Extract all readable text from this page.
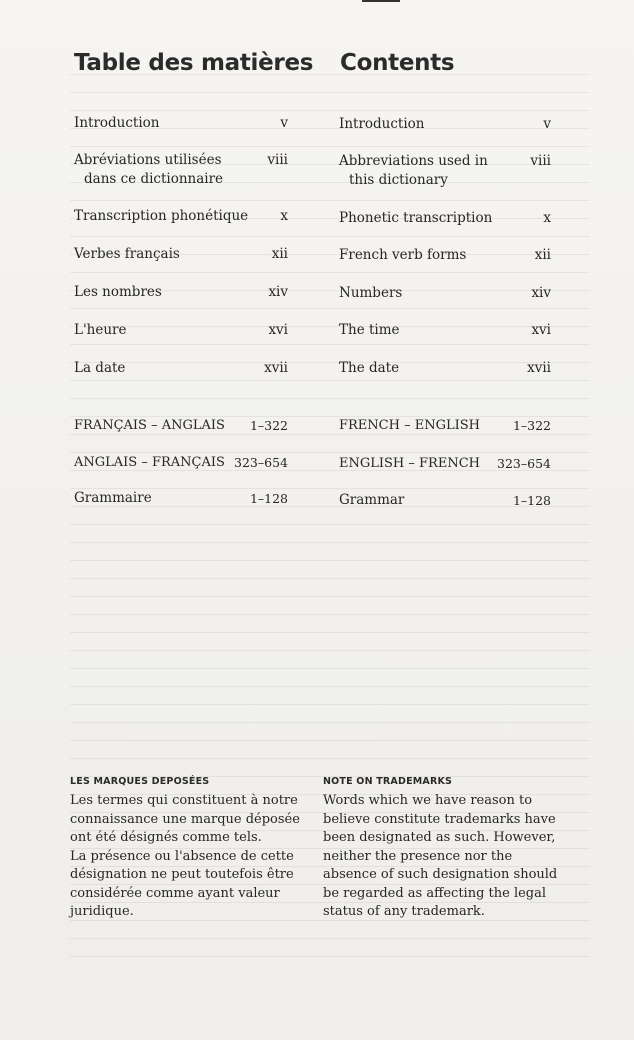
Table des matières Contents
Introduction	v
Abréviations utilisées
dans ce dictionnaire
viii
Transcription phonétique x
Verbes français	xii
Les nombres	xiv
L'heure	xvi
La date	xvii
FRANÇAIS – ANGLAIS 1–322
ANGLAIS – FRANÇAIS 323–654
Grammaire	1–128
Introduction	v
Abbreviations used in
this dictionary
viii
Phonetic transcription	x
French verb forms	xii
Numbers	xiv
The time	xvi
The date	xvii
FRENCH – ENGLISH	1–322
ENGLISH – FRENCH 323–654
Grammar	1–128
LES MARQUES DEPOSÉES
Les termes qui constituent à notre
connaissance une marque déposée
ont été désignés comme tels.
La présence ou l'absence de cette
désignation ne peut toutefois être
considérée comme ayant valeur
juridique.
NOTE ON TRADEMARKS
Words which we have reason to
believe constitute trademarks have
been designated as such. However,
neither the presence nor the
absence of such designation should
be regarded as affecting the legal
status of any trademark.
